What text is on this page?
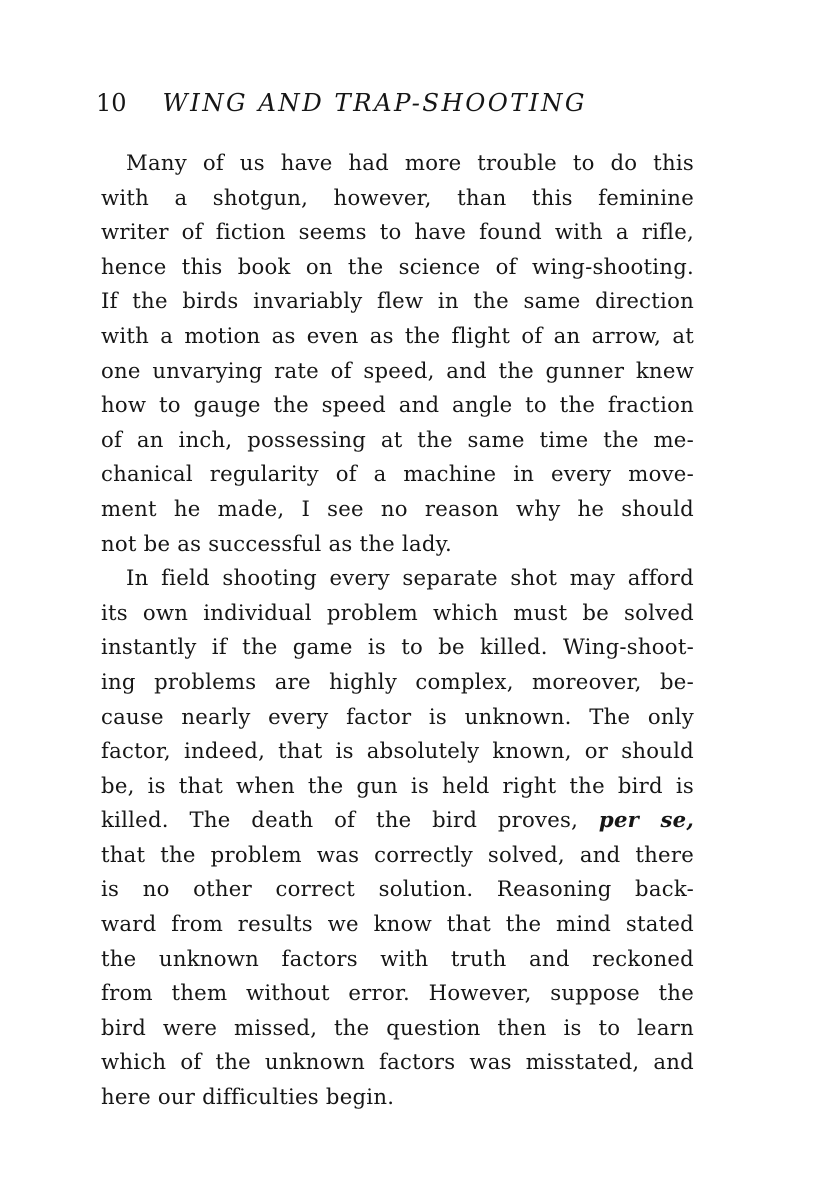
10 WING AND TRAP-SHOOTING
Many of us have had more trouble to do this
with a shotgun, however, than this feminine
writer of fiction seems to have found with a rifle,
hence this book on the science of wing-shooting.
If the birds invariably flew in the same direction
with a motion as even as the flight of an arrow, at
one unvarying rate of speed, and the gunner knew
how to gauge the speed and angle to the fraction
of an inch, possessing at the same time the me-
chanical regularity of a machine in every move-
ment he made, I see no reason why he should
not be as successful as the lady.
In field shooting every separate shot may afford
its own individual problem which must be solved
instantly if the game is to be killed. Wing-shoot-
ing problems are highly complex, moreover, be-
cause nearly every factor is unknown. The only
factor, indeed, that is absolutely known, or should
be, is that when the gun is held right the bird is
killed. The death of the bird proves, per se,
that the problem was correctly solved, and there
is no other correct solution. Reasoning back-
ward from results we know that the mind stated
the unknown factors with truth and reckoned
from them without error. However, suppose the
bird were missed, the question then is to learn
which of the unknown factors was misstated, and
here our difficulties begin.
